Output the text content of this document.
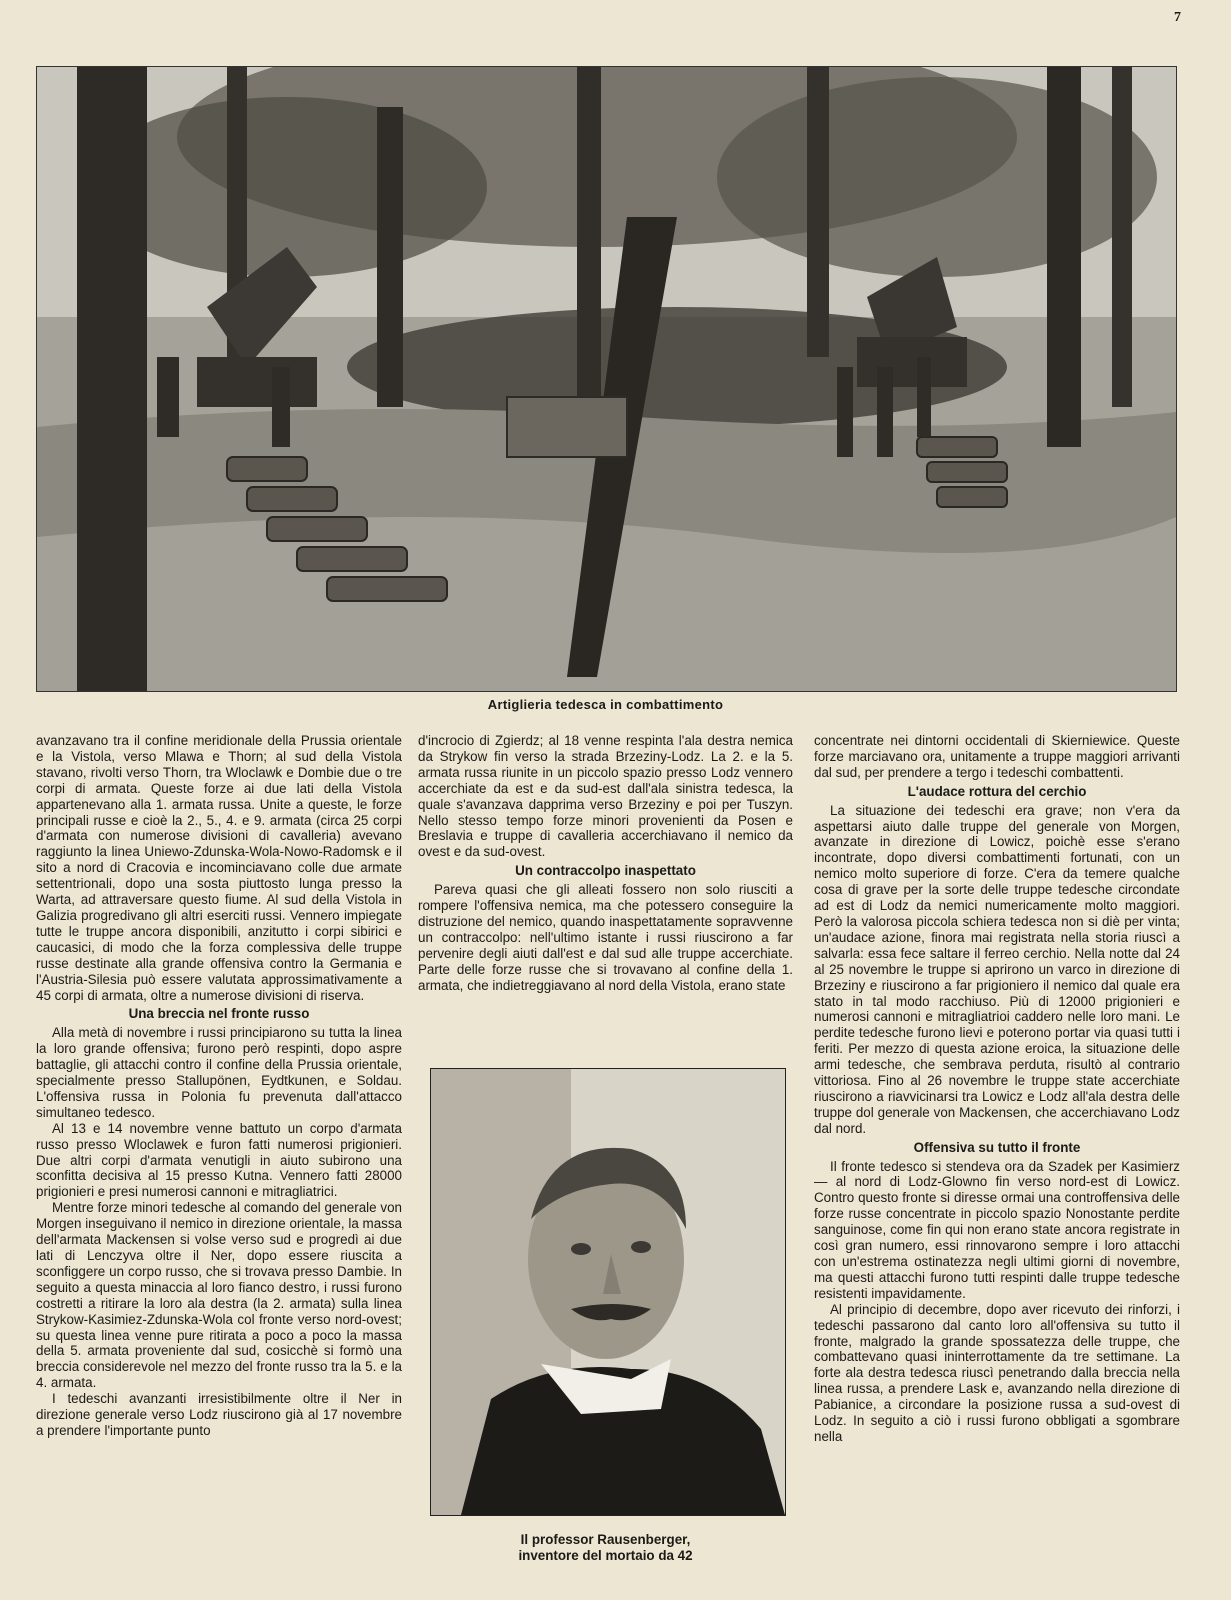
7
Artiglieria tedesca in combattimento

avanzavano tra il confine meridionale della Prussia orientale e la Vistola, verso Mlawa e Thorn; al sud della Vistola stavano, rivolti verso Thorn, tra Wloclawk e Dombie due o tre corpi di armata. Queste forze ai due lati della Vistola appartenevano alla 1. armata russa. Unite a queste, le forze principali russe e cioè la 2., 5., 4. e 9. armata (circa 25 corpi d'armata con numerose divisioni di cavalleria) avevano raggiunto la linea Uniewo-Zdunska-Wola-Nowo-Radomsk e il sito a nord di Cracovia e incominciavano colle due armate settentrionali, dopo una sosta piuttosto lunga presso la Warta, ad attraversare questo fiume. Al sud della Vistola in Galizia progredivano gli altri eserciti russi. Vennero impiegate tutte le truppe ancora disponibili, anzitutto i corpi sibirici e caucasici, di modo che la forza complessiva delle truppe russe destinate alla grande offensiva contro la Germania e l'Austria-Silesia può essere valutata approssimativamente a 45 corpi di armata, oltre a numerose divisioni di riserva.

Una breccia nel fronte russo

Alla metà di novembre i russi principiarono su tutta la linea la loro grande offensiva; furono però respinti, dopo aspre battaglie, gli attacchi contro il confine della Prussia orientale, specialmente presso Stallupönen, Eydtkunen, e Soldau. L'offensiva russa in Polonia fu prevenuta dall'attacco simultaneo tedesco.

Al 13 e 14 novembre venne battuto un corpo d'armata russo presso Wloclawek e furon fatti numerosi prigionieri. Due altri corpi d'armata venutigli in aiuto subirono una sconfitta decisiva al 15 presso Kutna. Vennero fatti 28000 prigionieri e presi numerosi cannoni e mitragliatrici.

Mentre forze minori tedesche al comando del generale von Morgen inseguivano il nemico in direzione orientale, la massa dell'armata Mackensen si volse verso sud e progredì ai due lati di Lenczyva oltre il Ner, dopo essere riuscita a sconfiggere un corpo russo, che si trovava presso Dambie. In seguito a questa minaccia al loro fianco destro, i russi furono costretti a ritirare la loro ala destra (la 2. armata) sulla linea Strykow-Kasimiez-Zdunska-Wola col fronte verso nord-ovest; su questa linea venne pure ritirata a poco a poco la massa della 5. armata proveniente dal sud, cosicchè si formò una breccia considerevole nel mezzo del fronte russo tra la 5. e la 4. armata.

I tedeschi avanzanti irresistibilmente oltre il Ner in direzione generale verso Lodz riuscirono già al 17 novembre a prendere l'importante punto

d'incrocio di Zgierdz; al 18 venne respinta l'ala destra nemica da Strykow fin verso la strada Brzeziny-Lodz. La 2. e la 5. armata russa riunite in un piccolo spazio presso Lodz vennero accerchiate da est e da sud-est dall'ala sinistra tedesca, la quale s'avanzava dapprima verso Brzeziny e poi per Tuszyn. Nello stesso tempo forze minori provenienti da Posen e Breslavia e truppe di cavalleria accerchiavano il nemico da ovest e da sud-ovest.

Un contraccolpo inaspettato

Pareva quasi che gli alleati fossero non solo riusciti a rompere l'offensiva nemica, ma che potessero conseguire la distruzione del nemico, quando inaspettatamente sopravvenne un contraccolpo: nell'ultimo istante i russi riuscirono a far pervenire degli aiuti dall'est e dal sud alle truppe accerchiate. Parte delle forze russe che si trovavano al confine della 1. armata, che indietreggiavano al nord della Vistola, erano state

Il professor Rausenberger,
inventore del mortaio da 42

concentrate nei dintorni occidentali di Skierniewice. Queste forze marciavano ora, unitamente a truppe maggiori arrivanti dal sud, per prendere a tergo i tedeschi combattenti.

L'audace rottura del cerchio

La situazione dei tedeschi era grave; non v'era da aspettarsi aiuto dalle truppe del generale von Morgen, avanzate in direzione di Lowicz, poichè esse s'erano incontrate, dopo diversi combattimenti fortunati, con un nemico molto superiore di forze. C'era da temere qualche cosa di grave per la sorte delle truppe tedesche circondate ad est di Lodz da nemici numericamente molto maggiori. Però la valorosa piccola schiera tedesca non si diè per vinta; un'audace azione, finora mai registrata nella storia riuscì a salvarla: essa fece saltare il ferreo cerchio. Nella notte dal 24 al 25 novembre le truppe si aprirono un varco in direzione di Brzeziny e riuscirono a far prigioniero il nemico dal quale era stato in tal modo racchiuso. Più di 12000 prigionieri e numerosi cannoni e mitragliatrioi caddero nelle loro mani. Le perdite tedesche furono lievi e poterono portar via quasi tutti i feriti. Per mezzo di questa azione eroica, la situazione delle armi tedesche, che sembrava perduta, risultò al contrario vittoriosa. Fino al 26 novembre le truppe state accerchiate riuscirono a riavvicinarsi tra Lowicz e Lodz all'ala destra delle truppe dol generale von Mackensen, che accerchiavano Lodz dal nord.

Offensiva su tutto il fronte

Il fronte tedesco si stendeva ora da Szadek per Kasimierz — al nord di Lodz-Glowno fin verso nord-est di Lowicz. Contro questo fronte si diresse ormai una controffensiva delle forze russe concentrate in piccolo spazio Nonostante perdite sanguinose, come fin qui non erano state ancora registrate in così gran numero, essi rinnovarono sempre i loro attacchi con un'estrema ostinatezza negli ultimi giorni di novembre, ma questi attacchi furono tutti respinti dalle truppe tedesche resistenti impavidamente.

Al principio di decembre, dopo aver ricevuto dei rinforzi, i tedeschi passarono dal canto loro all'offensiva su tutto il fronte, malgrado la grande spossatezza delle truppe, che combattevano quasi ininterrottamente da tre settimane. La forte ala destra tedesca riuscì penetrando dalla breccia nella linea russa, a prendere Lask e, avanzando nella direzione di Pabianice, a circondare la posizione russa a sud-ovest di Lodz. In seguito a ciò i russi furono obbligati a sgombrare nella
